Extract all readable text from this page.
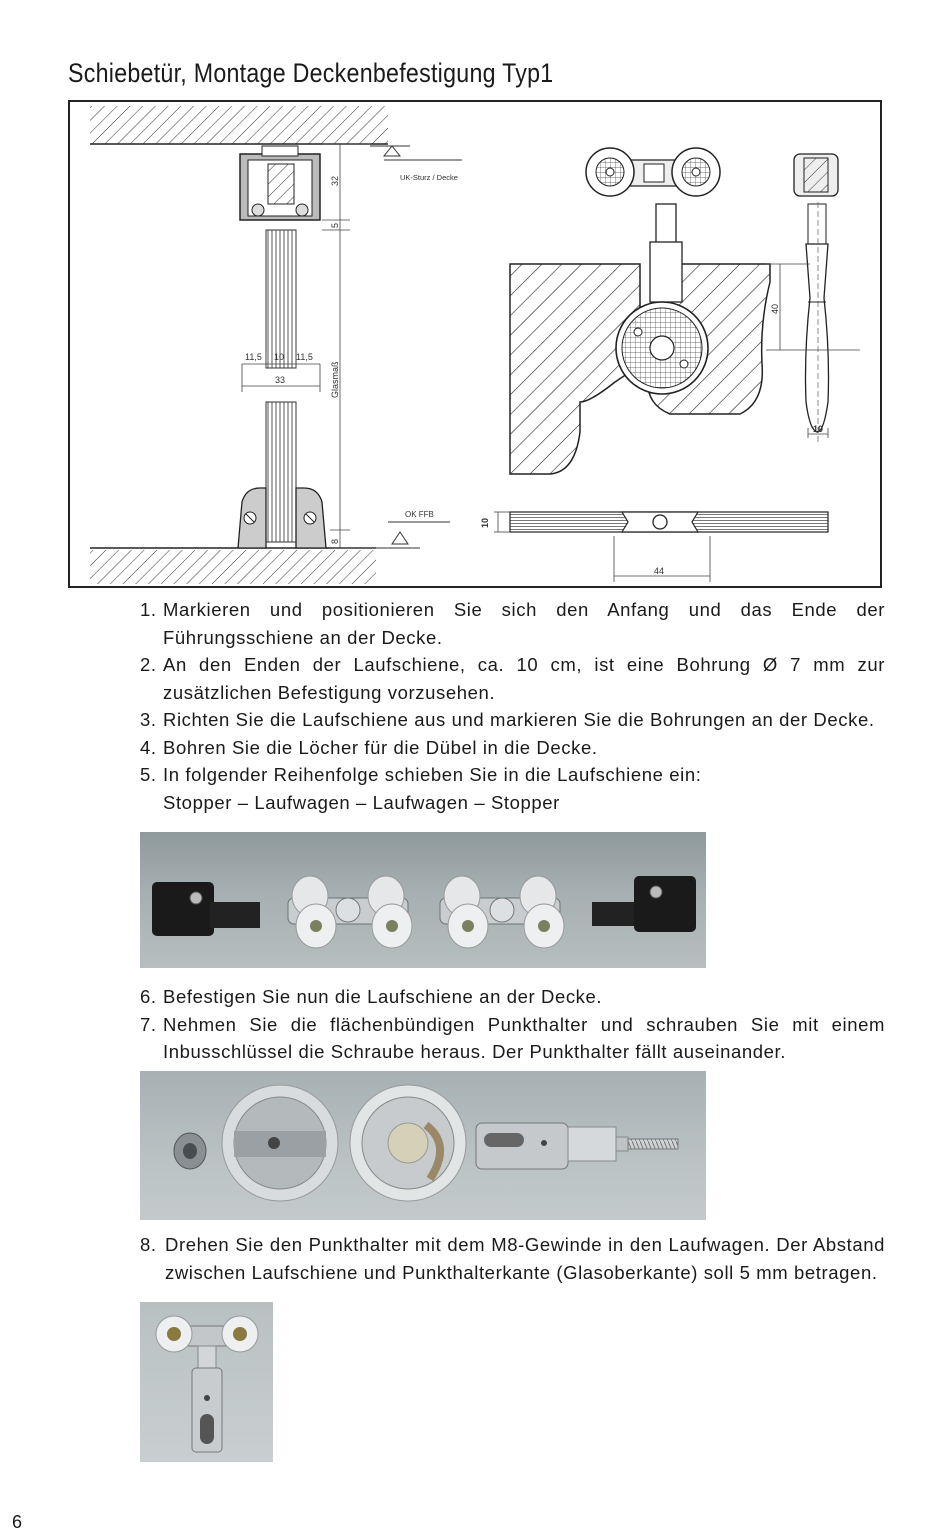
Schiebetür, Montage Deckenbefestigung Typ1
32
5
Glasmaß
8
11,5 10 11,5
33
UK-Sturz / Decke
OK FFB
40
10
10
44
1. Markieren und positionieren Sie sich den Anfang und das Ende der Führungsschiene an der Decke.
2. An den Enden der Laufschiene, ca. 10 cm, ist eine Bohrung Ø 7 mm zur zusätzlichen Befestigung vorzusehen.
3. Richten Sie die Laufschiene aus und markieren Sie die Bohrungen an der Decke.
4. Bohren Sie die Löcher für die Dübel in die Decke.
5. In folgender Reihenfolge schieben Sie in die Laufschiene ein:
Stopper – Laufwagen – Laufwagen – Stopper
6. Befestigen Sie nun die Laufschiene an der Decke.
7. Nehmen Sie die flächenbündigen Punkthalter und schrauben Sie mit einem Inbusschlüssel die Schraube heraus. Der Punkthalter fällt auseinander.
8. Drehen Sie den Punkthalter mit dem M8-Gewinde in den Laufwagen. Der Abstand zwischen Laufschiene und Punkthalterkante (Glasoberkante) soll 5 mm betragen.
6
